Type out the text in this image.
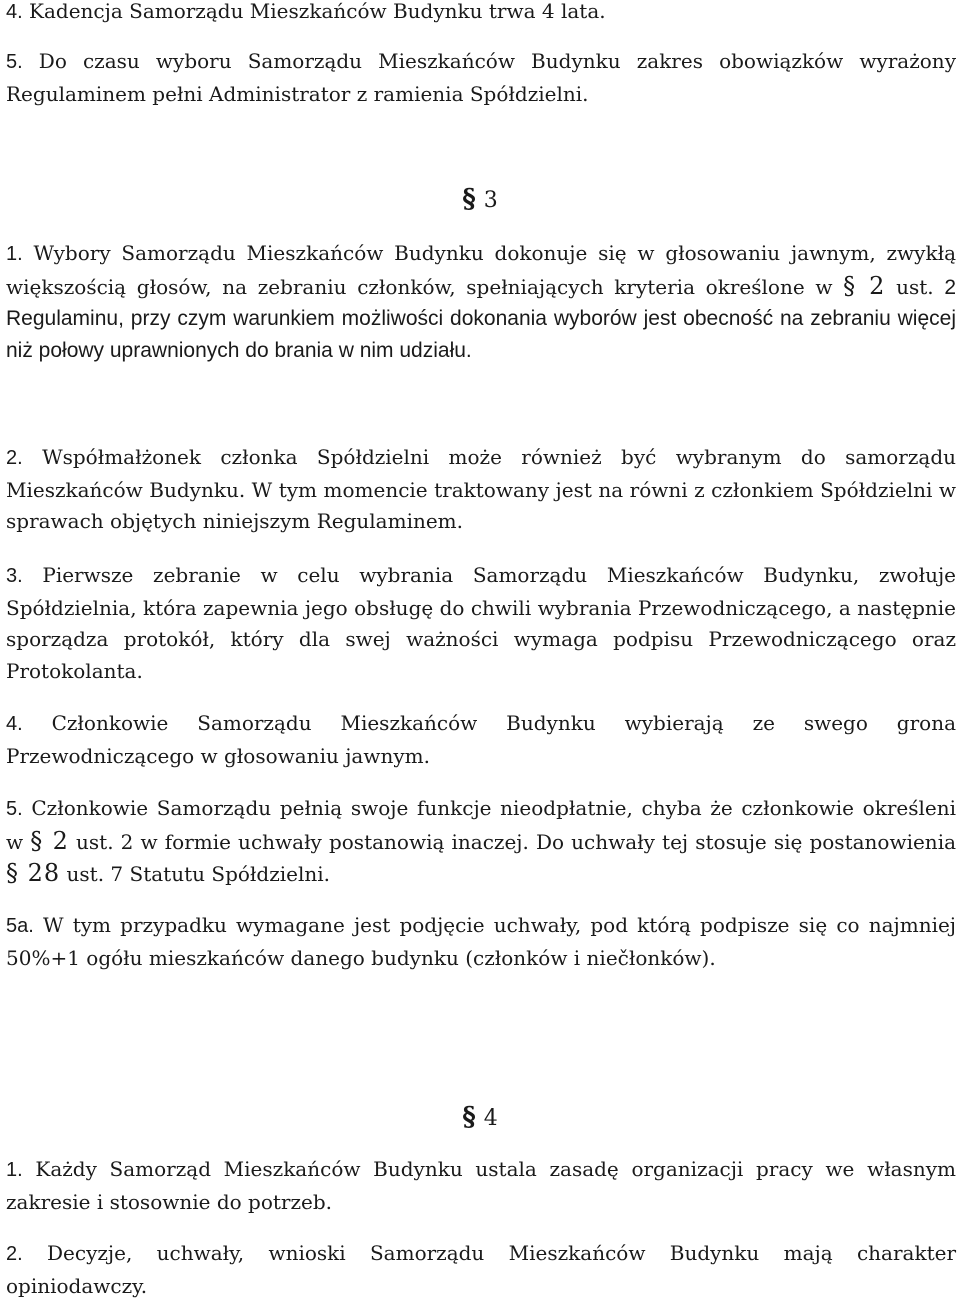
4. Kadencja Samorządu Mieszkańców Budynku trwa 4 lata.

5. Do czasu wyboru Samorządu Mieszkańców Budynku zakres obowiązków wyrażony Regulaminem pełni Administrator z ramienia Spółdzielni.

§ 3

1. Wybory Samorządu Mieszkańców Budynku dokonuje się w głosowaniu jawnym, zwykłą większością głosów, na zebraniu członków, spełniających kryteria określone w § 2 ust. 2 Regulaminu, przy czym warunkiem możliwości dokonania wyborów jest obecność na zebraniu więcej niż połowy uprawnionych do brania w nim udziału.

2. Współmałżonek członka Spółdzielni może również być wybranym do samorządu Mieszkańców Budynku. W tym momencie traktowany jest na równi z członkiem Spółdzielni w sprawach objętych niniejszym Regulaminem.

3. Pierwsze zebranie w celu wybrania Samorządu Mieszkańców Budynku, zwołuje Spółdzielnia, która zapewnia jego obsługę do chwili wybrania Przewodniczącego, a następnie sporządza protokół, który dla swej ważności wymaga podpisu Przewodniczącego oraz Protokolanta.

4. Członkowie Samorządu Mieszkańców Budynku wybierają ze swego grona Przewodniczącego w głosowaniu jawnym.

5. Członkowie Samorządu pełnią swoje funkcje nieodpłatnie, chyba że członkowie określeni w § 2 ust. 2 w formie uchwały postanowią inaczej. Do uchwały tej stosuje się postanowienia § 28 ust. 7 Statutu Spółdzielni.

5a. W tym przypadku wymagane jest podjęcie uchwały, pod którą podpisze się co najmniej 50%+1 ogółu mieszkańców danego budynku (członków i niečłonków).

§ 4

1. Każdy Samorząd Mieszkańców Budynku ustala zasadę organizacji pracy we własnym zakresie i stosownie do potrzeb.

2. Decyzje, uchwały, wnioski Samorządu Mieszkańców Budynku mają charakter opiniodawczy.
